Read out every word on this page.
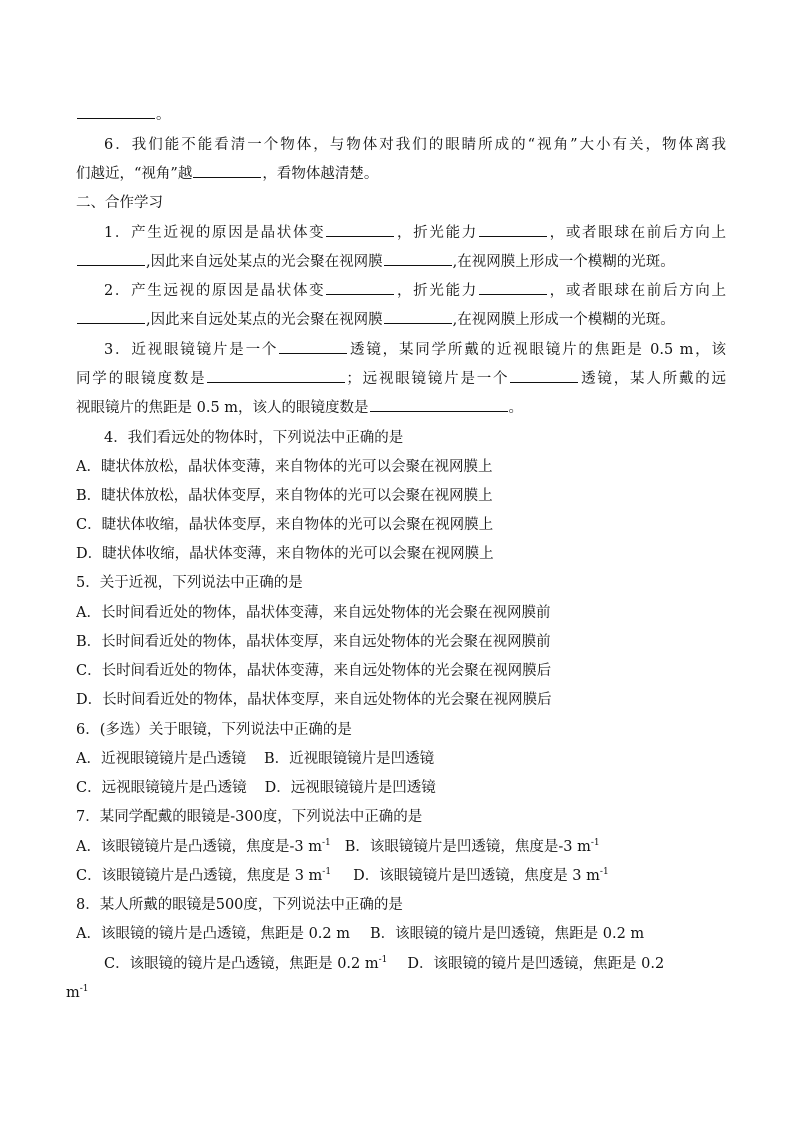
。
6．我们能不能看清一个物体，与物体对我们的眼睛所成的“视角”大小有关，物体离我
们越近，“视角”越	，看物体越清楚。
二、合作学习
1．产生近视的原因是晶状体变	，折光能力	，或者眼球在前后方向上
,因此来自远处某点的光会聚在视网膜	,在视网膜上形成一个模糊的光斑。
2．产生远视的原因是晶状体变	，折光能力	，或者眼球在前后方向上
,因此来自远处某点的光会聚在视网膜	,在视网膜上形成一个模糊的光斑。
3．近视眼镜镜片是一个	透镜，某同学所戴的近视眼镜片的焦距是 0.5 m，该
同学的眼镜度数是	；远视眼镜镜片是一个	透镜，某人所戴的远
视眼镜片的焦距是 0.5 m，该人的眼镜度数是	。
4．我们看远处的物体时，下列说法中正确的是
A．睫状体放松，晶状体变薄，来自物体的光可以会聚在视网膜上
B．睫状体放松，晶状体变厚，来自物体的光可以会聚在视网膜上
C．睫状体收缩，晶状体变厚，来自物体的光可以会聚在视网膜上
D．睫状体收缩，晶状体变薄，来自物体的光可以会聚在视网膜上
5．关于近视，下列说法中正确的是
A．长时间看近处的物体，晶状体变薄，来自远处物体的光会聚在视网膜前
B．长时间看近处的物体，晶状体变厚，来自远处物体的光会聚在视网膜前
C．长时间看近处的物体，晶状体变薄，来自远处物体的光会聚在视网膜后
D．长时间看近处的物体，晶状体变厚，来自远处物体的光会聚在视网膜后
6．(多选）关于眼镜，下列说法中正确的是
A．近视眼镜镜片是凸透镜 B．近视眼镜镜片是凹透镜
C．远视眼镜镜片是凸透镜 D．远视眼镜镜片是凹透镜
7．某同学配戴的眼镜是-300度，下列说法中正确的是
A．该眼镜镜片是凸透镜，焦度是-3 $m^{-1}$ B．该眼镜镜片是凹透镜，焦度是-3 $m^{-1}$
C．该眼镜镜片是凸透镜，焦度是 3 $m^{-1}$ D．该眼镜镜片是凹透镜，焦度是 3 $m^{-1}$
8．某人所戴的眼镜是500度，下列说法中正确的是
A．该眼镜的镜片是凸透镜，焦距是 0.2 m B．该眼镜的镜片是凹透镜，焦距是 0.2 m
C．该眼镜的镜片是凸透镜，焦距是 0.2 $m^{-1}$ D．该眼镜的镜片是凹透镜，焦距是 0.2
$m^{-1}$
